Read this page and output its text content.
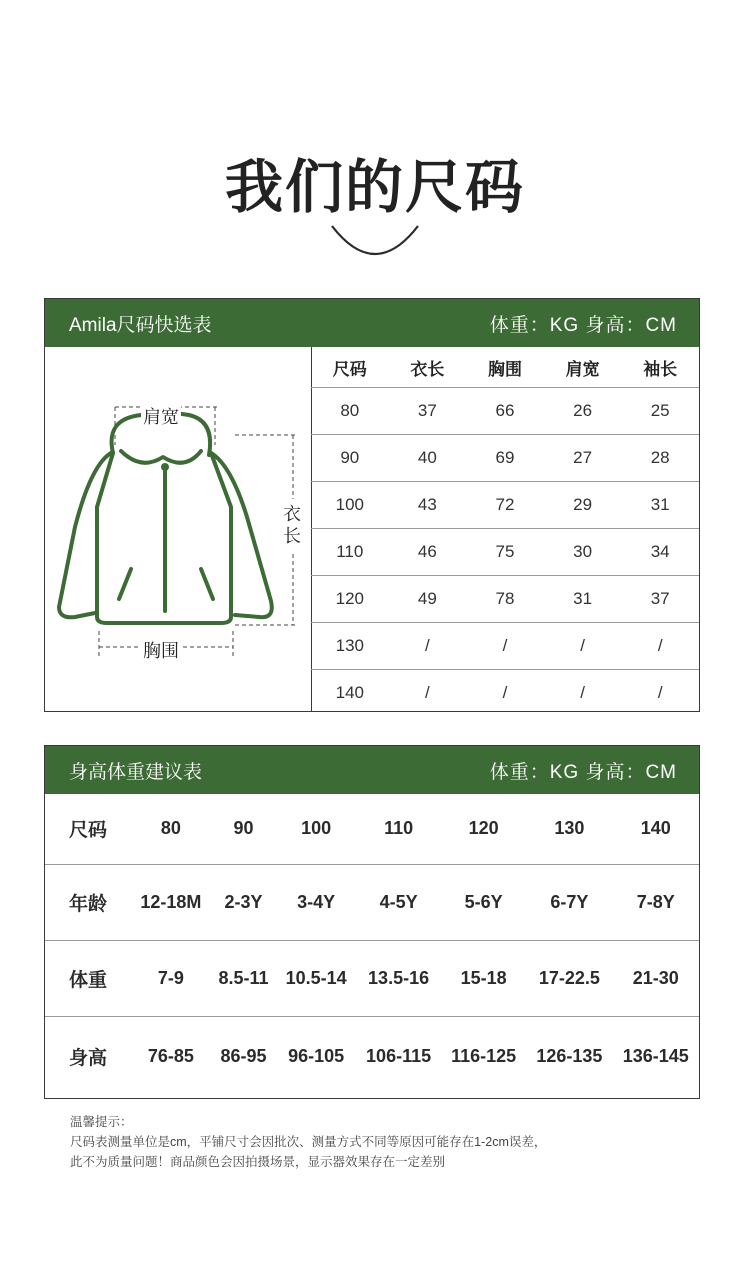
我们的尺码
Amila尺码快选表	体重：KG 身高：CM
肩宽
衣长
胸围
尺码	衣长	胸围	肩宽	袖长
80	37	66	26	25
90	40	69	27	28
100	43	72	29	31
110	46	75	30	34
120	49	78	31	37
130	/	/	/	/
140	/	/	/	/
身高体重建议表	体重：KG 身高：CM
尺码	80	90	100	110	120	130	140
年龄	12-18M	2-3Y	3-4Y	4-5Y	5-6Y	6-7Y	7-8Y
体重	7-9	8.5-11	10.5-14	13.5-16	15-18	17-22.5	21-30
身高	76-85	86-95	96-105	106-115	116-125	126-135	136-145

温馨提示：

尺码表测量单位是cm，平铺尺寸会因批次、测量方式不同等原因可能存在1-2cm误差，

此不为质量问题！商品颜色会因拍摄场景，显示器效果存在一定差别
